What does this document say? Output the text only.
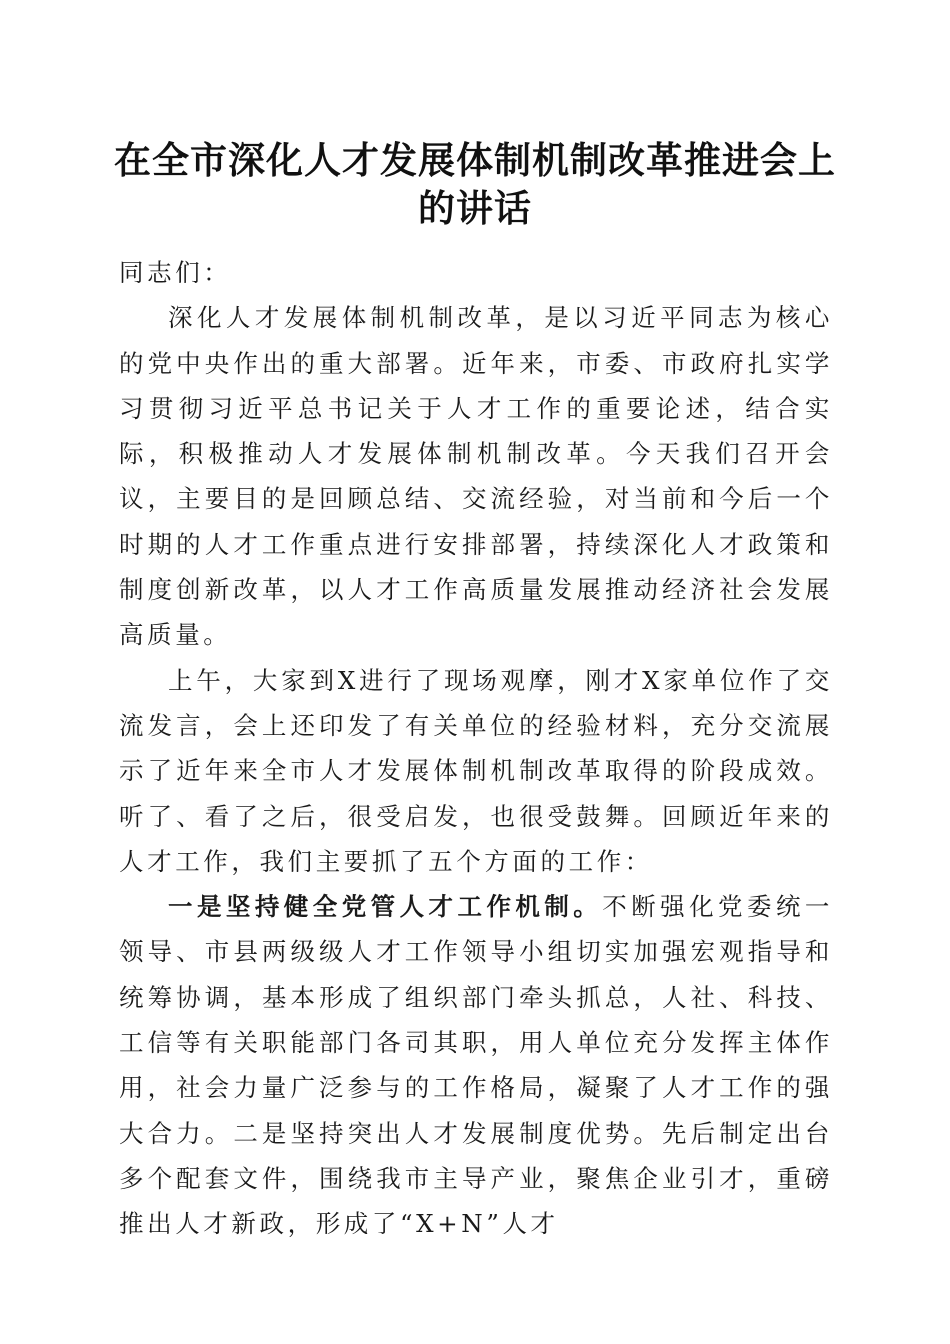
在全市深化人才发展体制机制改革推进会上的讲话

同志们：

深化人才发展体制机制改革，是以习近平同志为核心的党中央作出的重大部署。近年来，市委、市政府扎实学习贯彻习近平总书记关于人才工作的重要论述，结合实际，积极推动人才发展体制机制改革。今天我们召开会议，主要目的是回顾总结、交流经验，对当前和今后一个时期的人才工作重点进行安排部署，持续深化人才政策和制度创新改革，以人才工作高质量发展推动经济社会发展高质量。

上午，大家到X进行了现场观摩，刚才X家单位作了交流发言，会上还印发了有关单位的经验材料，充分交流展示了近年来全市人才发展体制机制改革取得的阶段成效。听了、看了之后，很受启发，也很受鼓舞。回顾近年来的人才工作，我们主要抓了五个方面的工作：

一是坚持健全党管人才工作机制。不断强化党委统一领导、市县两级级人才工作领导小组切实加强宏观指导和统筹协调，基本形成了组织部门牵头抓总，人社、科技、工信等有关职能部门各司其职，用人单位充分发挥主体作用，社会力量广泛参与的工作格局，凝聚了人才工作的强大合力。二是坚持突出人才发展制度优势。先后制定出台多个配套文件，围绕我市主导产业，聚焦企业引才，重磅推出人才新政，形成了“X+N”人才
